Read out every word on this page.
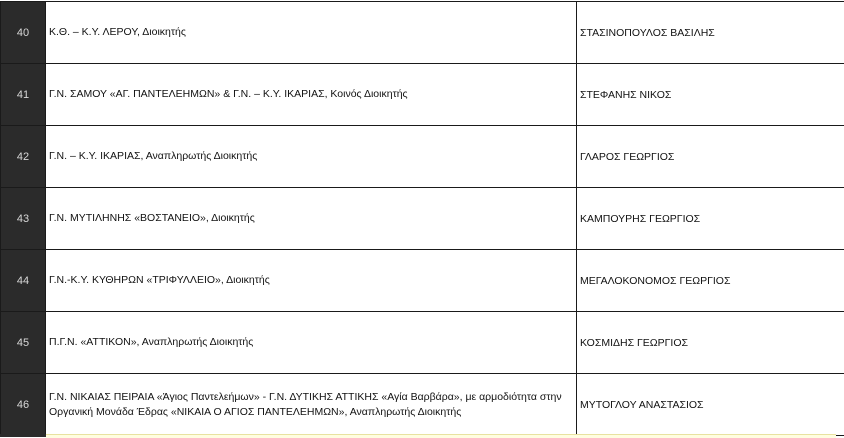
40	Κ.Θ. – Κ.Υ. ΛΕΡΟΥ, Διοικητής	ΣΤΑΣΙΝΟΠΟΥΛΟΣ ΒΑΣΙΛΗΣ
41	Γ.Ν. ΣΑΜΟΥ «ΑΓ. ΠΑΝΤΕΛΕΗΜΩΝ» & Γ.Ν. – Κ.Υ. ΙΚΑΡΙΑΣ, Κοινός Διοικητής	ΣΤΕΦΑΝΗΣ ΝΙΚΟΣ
42	Γ.Ν. – Κ.Υ. ΙΚΑΡΙΑΣ, Αναπληρωτής Διοικητής	ΓΛΑΡΟΣ ΓΕΩΡΓΙΟΣ
43	Γ.Ν. ΜΥΤΙΛΗΝΗΣ «ΒΟΣΤΑΝΕΙΟ», Διοικητής	ΚΑΜΠΟΥΡΗΣ ΓΕΩΡΓΙΟΣ
44	Γ.Ν.-Κ.Υ. ΚΥΘΗΡΩΝ «ΤΡΙΦΥΛΛΕΙΟ», Διοικητής	ΜΕΓΑΛΟΚΟΝΟΜΟΣ ΓΕΩΡΓΙΟΣ
45	Π.Γ.Ν. «ΑΤΤΙΚΟΝ», Αναπληρωτής Διοικητής	ΚΟΣΜΙΔΗΣ ΓΕΩΡΓΙΟΣ
46	Γ.Ν. ΝΙΚΑΙΑΣ ΠΕΙΡΑΙΑ «Άγιος Παντελεήμων» - Γ.Ν. ΔΥΤΙΚΗΣ ΑΤΤΙΚΗΣ «Αγία Βαρβάρα», με αρμοδιότητα στην Οργανική Μονάδα Έδρας «ΝΙΚΑΙΑ Ο ΑΓΙΟΣ ΠΑΝΤΕΛΕΗΜΩΝ», Αναπληρωτής Διοικητής	ΜΥΤΟΓΛΟΥ ΑΝΑΣΤΑΣΙΟΣ
